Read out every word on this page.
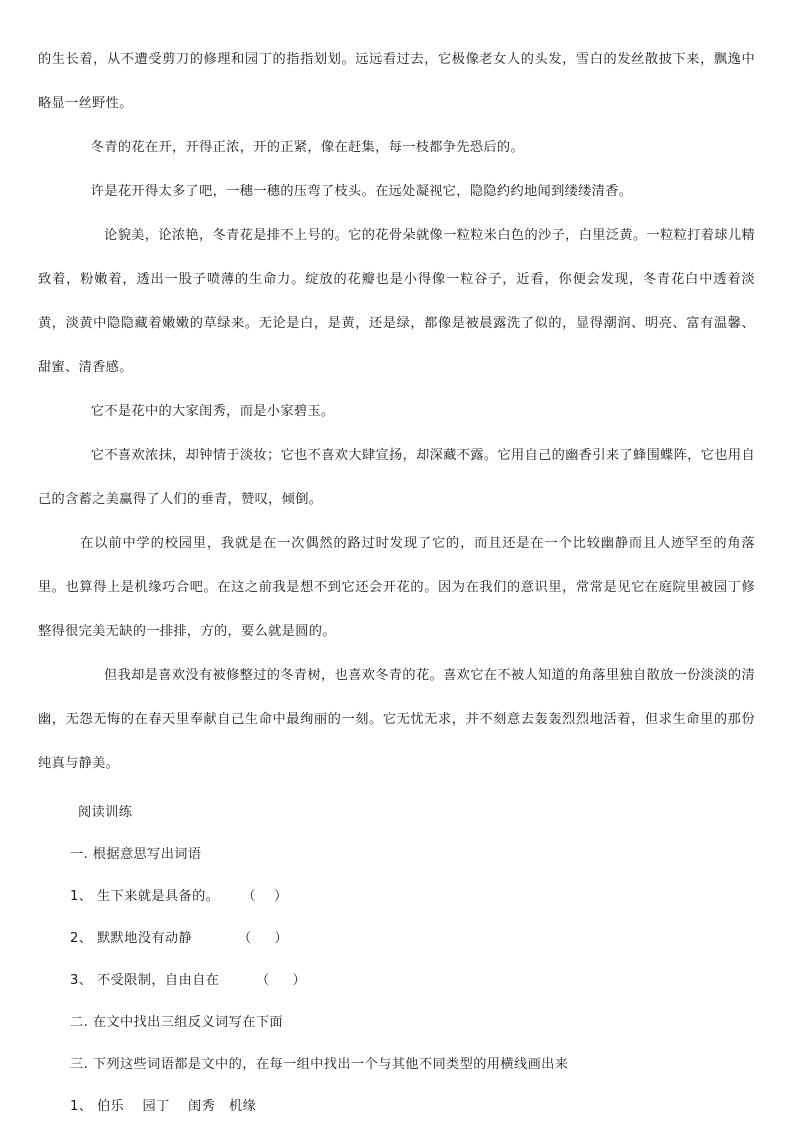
的生长着，从不遭受剪刀的修理和园丁的指指划划。远远看过去，它极像老女人的头发，雪白的发丝散披下来，飘逸中略显一丝野性。

冬青的花在开，开得正浓，开的正紧，像在赶集，每一枝都争先恐后的。

许是花开得太多了吧，一穗一穗的压弯了枝头。在远处凝视它，隐隐约约地闻到缕缕清香。

论貌美，论浓艳，冬青花是排不上号的。它的花骨朵就像一粒粒米白色的沙子，白里泛黄。一粒粒打着球儿精致着，粉嫩着，透出一股子喷薄的生命力。绽放的花瓣也是小得像一粒谷子，近看，你便会发现，冬青花白中透着淡黄，淡黄中隐隐藏着嫩嫩的草绿来。无论是白，是黄，还是绿，都像是被晨露洗了似的，显得潮润、明亮、富有温馨、甜蜜、清香感。

它不是花中的大家闺秀，而是小家碧玉。

它不喜欢浓抹，却钟情于淡妆；它也不喜欢大肆宣扬，却深藏不露。它用自己的幽香引来了蜂围蝶阵，它也用自己的含蓄之美赢得了人们的垂青，赞叹，倾倒。

在以前中学的校园里，我就是在一次偶然的路过时发现了它的，而且还是在一个比较幽静而且人迹罕至的角落里。也算得上是机缘巧合吧。在这之前我是想不到它还会开花的。因为在我们的意识里，常常是见它在庭院里被园丁修整得很完美无缺的一排排，方的，要么就是圆的。

但我却是喜欢没有被修整过的冬青树，也喜欢冬青的花。喜欢它在不被人知道的角落里独自散放一份淡淡的清幽，无怨无悔的在春天里奉献自己生命中最绚丽的一刻。它无忧无求，并不刻意去轰轰烈烈地活着，但求生命里的那份纯真与静美。

阅读训练

一. 根据意思写出词语

1、 生下来就是具备的。     （    ）

2、 默默地没有动静          （     ）

3、 不受限制，自由自在        （     ）

二. 在文中找出三组反义词写在下面

三. 下列这些词语都是文中的，在每一组中找出一个与其他不同类型的用横线画出来

1、 伯乐    园丁    闺秀   机缘
